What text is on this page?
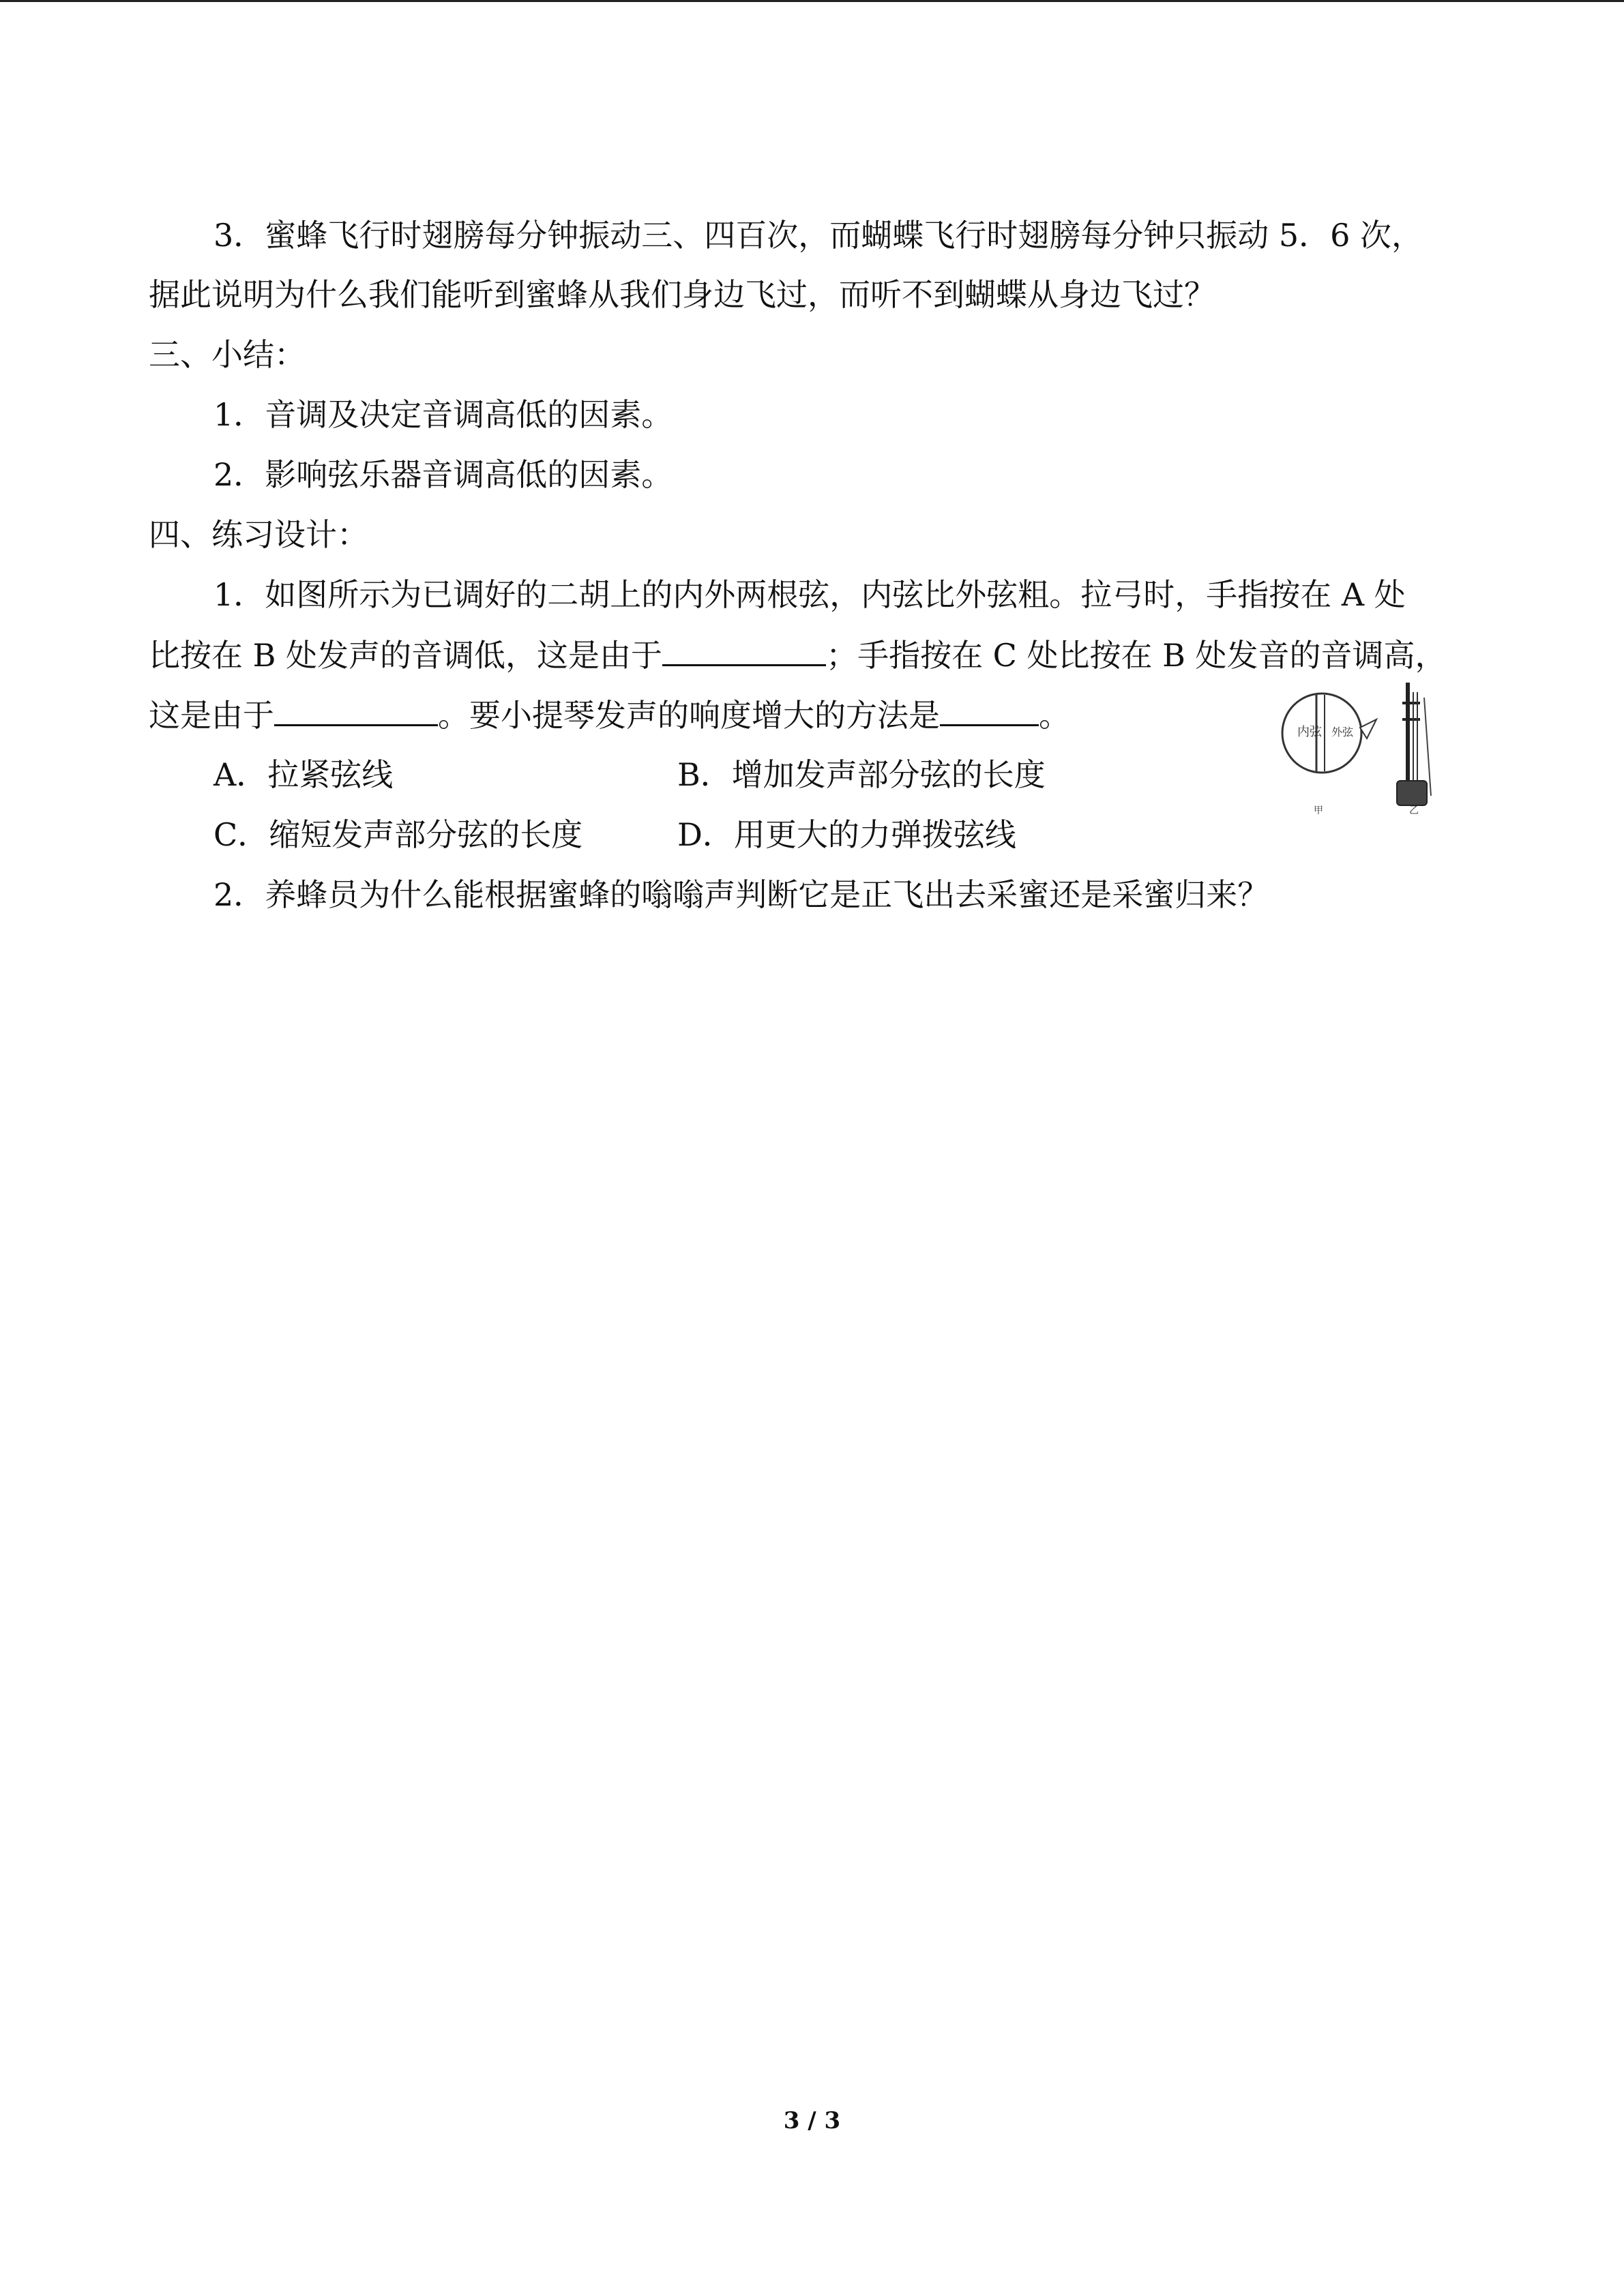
3．蜜蜂飞行时翅膀每分钟振动三、四百次，而蝴蝶飞行时翅膀每分钟只振动 5．6 次，

据此说明为什么我们能听到蜜蜂从我们身边飞过，而听不到蝴蝶从身边飞过？

三、小结：

1．音调及决定音调高低的因素。

2．影响弦乐器音调高低的因素。

四、练习设计：

1．如图所示为已调好的二胡上的内外两根弦，内弦比外弦粗。拉弓时，手指按在 A 处

比按在 B 处发声的音调低，这是由于	；手指按在 C 处比按在 B 处发音的音调高，

这是由于	。要小提琴发声的响度增大的方法是	。

A．拉紧弦线	B．增加发声部分弦的长度

C．缩短发声部分弦的长度	D．用更大的力弹拨弦线

2．养蜂员为什么能根据蜜蜂的嗡嗡声判断它是正飞出去采蜜还是采蜜归来？

内弦 外弦
甲	乙
3 / 3
